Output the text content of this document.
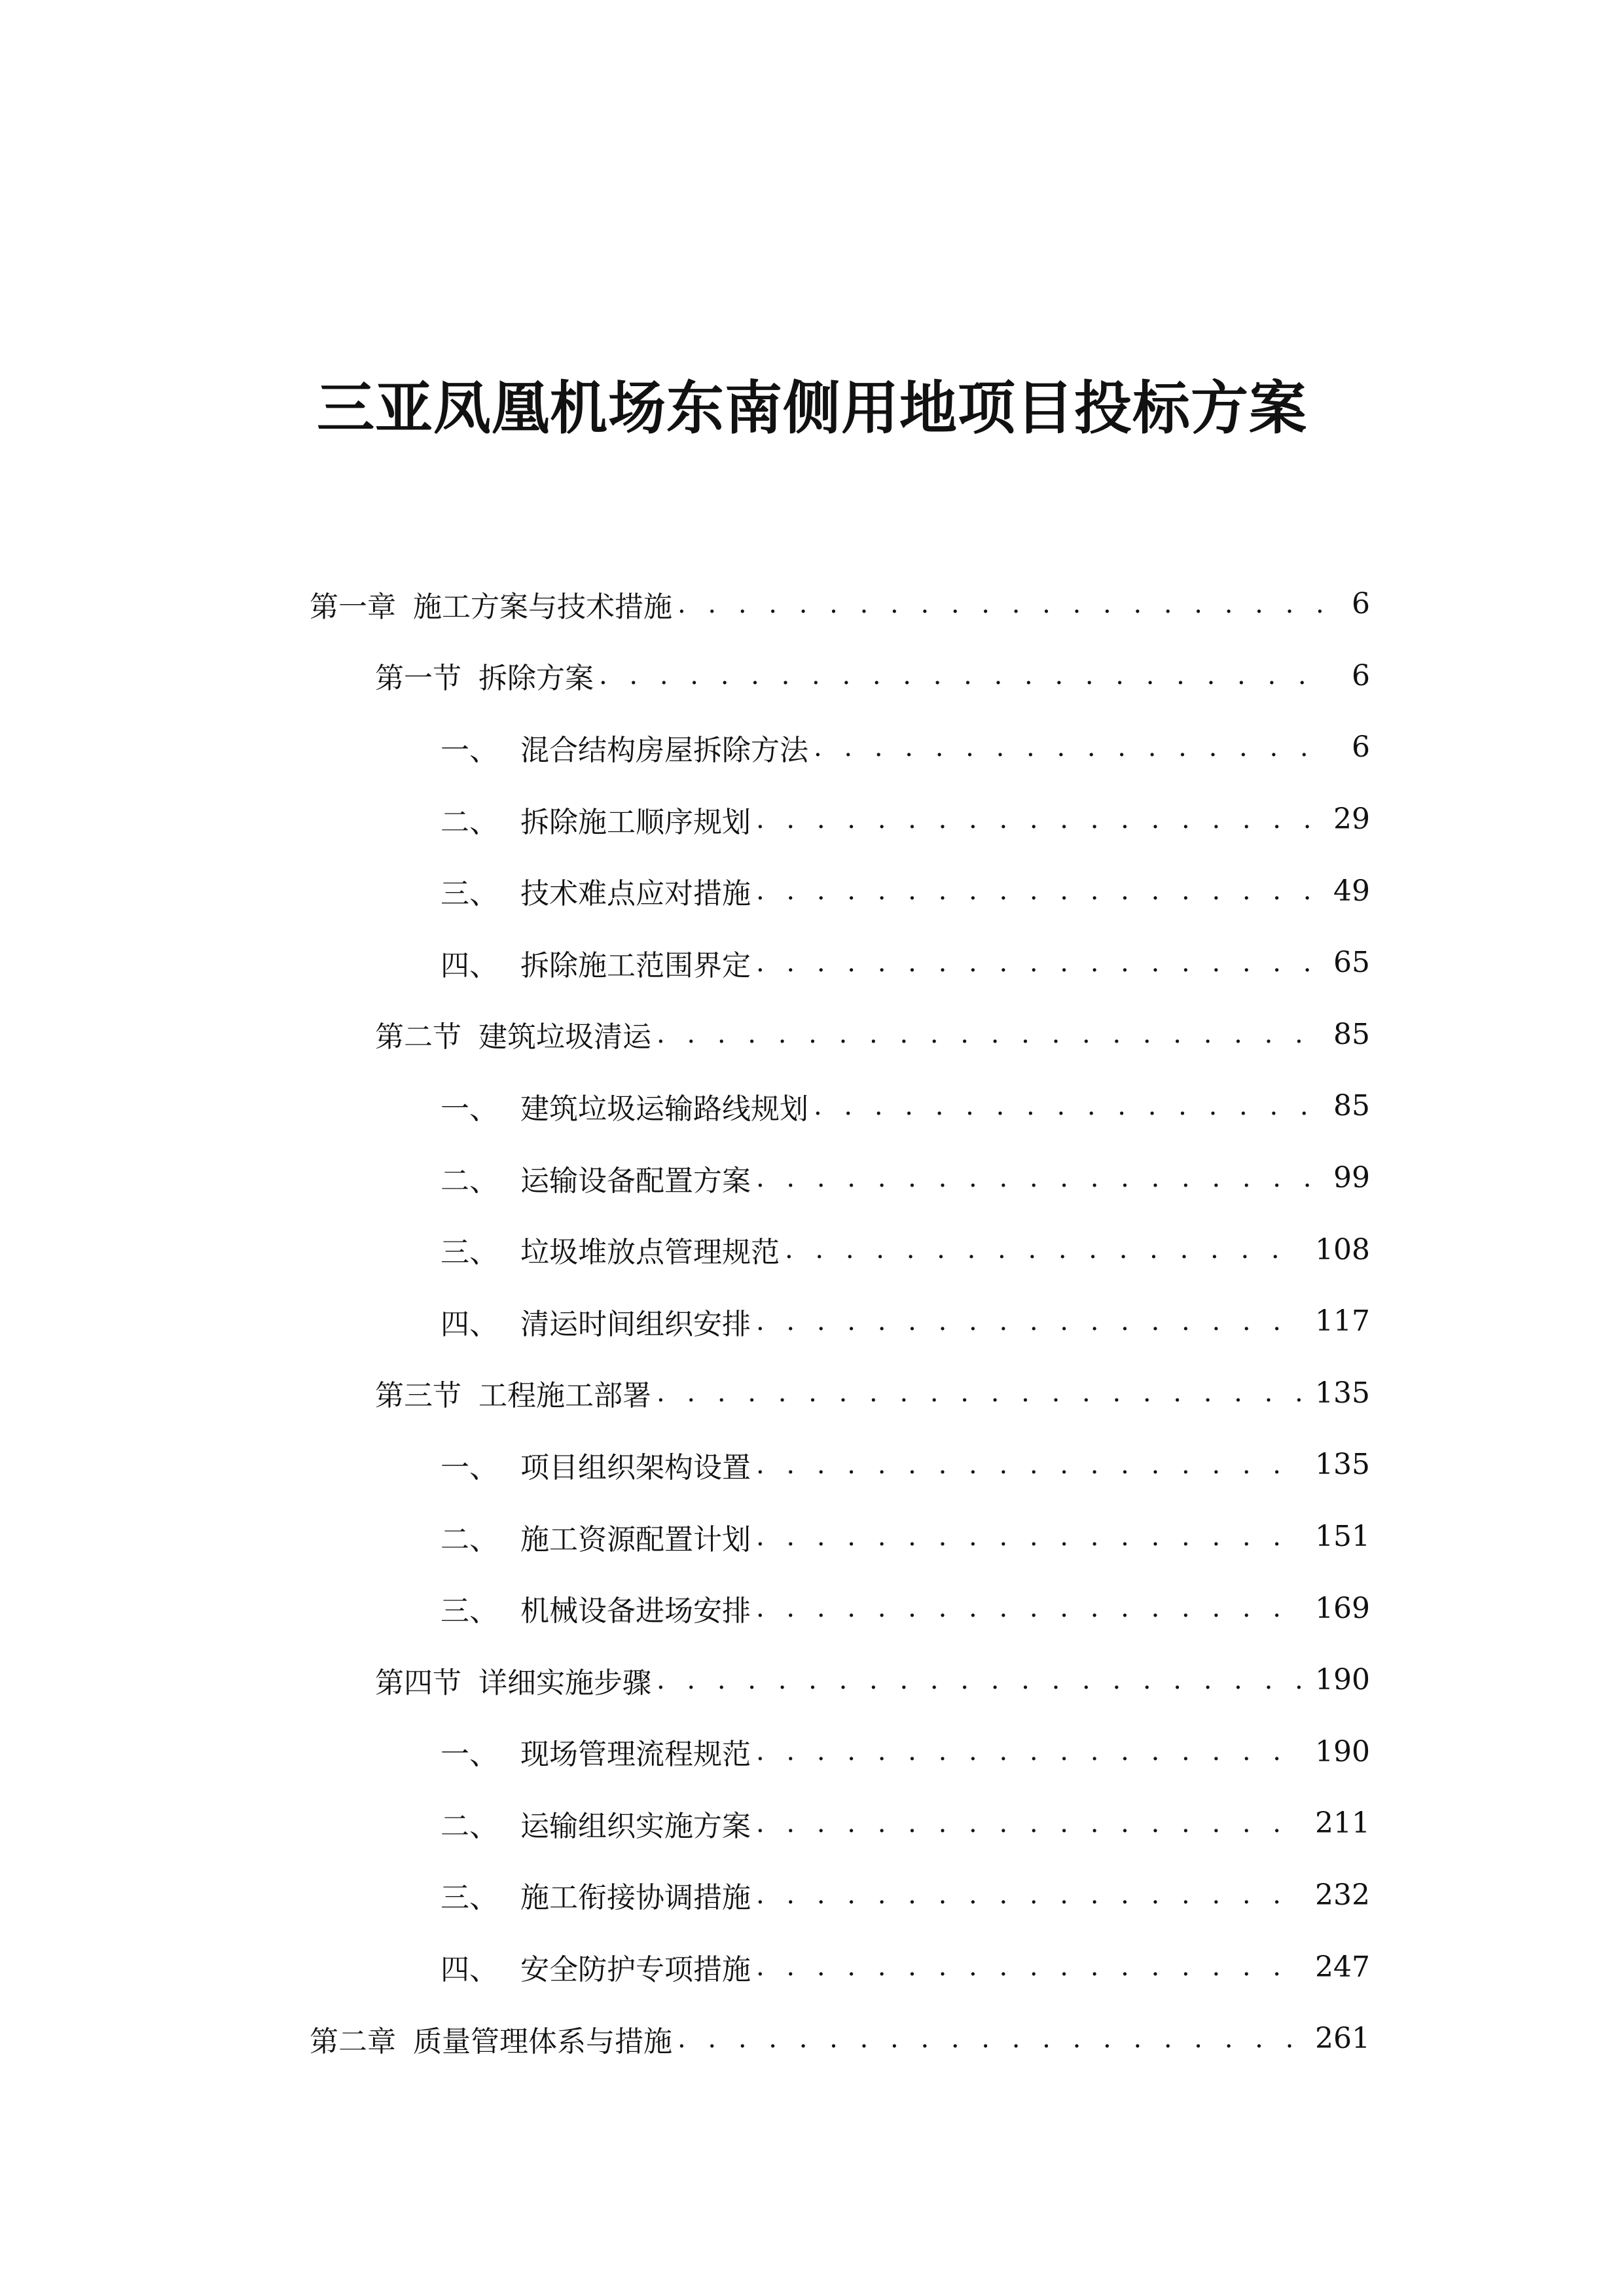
三亚凤凰机场东南侧用地项目投标方案
第一章 施工方案与技术措施 . . .	6
第一节 拆除方案 . . .	6
一、 混合结构房屋拆除方法 . . .	6
二、 拆除施工顺序规划 . . .	29
三、 技术难点应对措施 . . .	49
四、 拆除施工范围界定 . . .	65
第二节 建筑垃圾清运 . . .	85
一、 建筑垃圾运输路线规划 . . .	85
二、 运输设备配置方案 . . .	99
三、 垃圾堆放点管理规范 . . .	108
四、 清运时间组织安排 . . .	117
第三节 工程施工部署 . . .	135
一、 项目组织架构设置 . . .	135
二、 施工资源配置计划 . . .	151
三、 机械设备进场安排 . . .	169
第四节 详细实施步骤 . . .	190
一、 现场管理流程规范 . . .	190
二、 运输组织实施方案 . . .	211
三、 施工衔接协调措施 . . .	232
四、 安全防护专项措施 . . .	247
第二章 质量管理体系与措施 . . .	261
